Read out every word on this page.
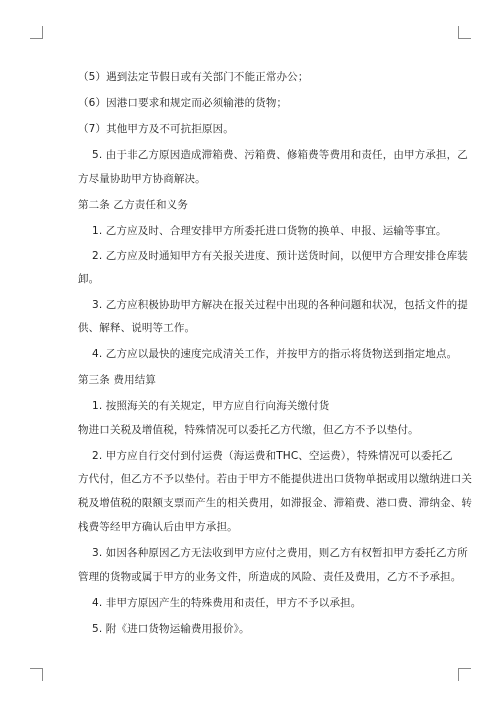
（5）遇到法定节假日或有关部门不能正常办公；
（6）因港口要求和规定而必须输港的货物；
（7）其他甲方及不可抗拒原因。
5. 由于非乙方原因造成滞箱费、污箱费、修箱费等费用和责任，由甲方承担，乙
方尽量协助甲方协商解决。
第二条 乙方责任和义务
1. 乙方应及时、合理安排甲方所委托进口货物的换单、申报、运输等事宜。
2. 乙方应及时通知甲方有关报关进度、预计送货时间，以便甲方合理安排仓库装
卸。
3. 乙方应积极协助甲方解决在报关过程中出现的各种问题和状况，包括文件的提
供、解释、说明等工作。
4. 乙方应以最快的速度完成清关工作，并按甲方的指示将货物送到指定地点。
第三条 费用结算
1. 按照海关的有关规定，甲方应自行向海关缴付货
物进口关税及增值税，特殊情况可以委托乙方代缴，但乙方不予以垫付。
2. 甲方应自行交付到付运费（海运费和THC、空运费），特殊情况可以委托乙
方代付，但乙方不予以垫付。若由于甲方不能提供进出口货物单据或用以缴纳进口关
税及增值税的限额支票而产生的相关费用，如滞报金、滞箱费、港口费、滞纳金、转
栈费等经甲方确认后由甲方承担。
3. 如因各种原因乙方无法收到甲方应付之费用，则乙方有权暂扣甲方委托乙方所
管理的货物或属于甲方的业务文件，所造成的风险、责任及费用，乙方不予承担。
4. 非甲方原因产生的特殊费用和责任，甲方不予以承担。
5. 附《进口货物运输费用报价》。
